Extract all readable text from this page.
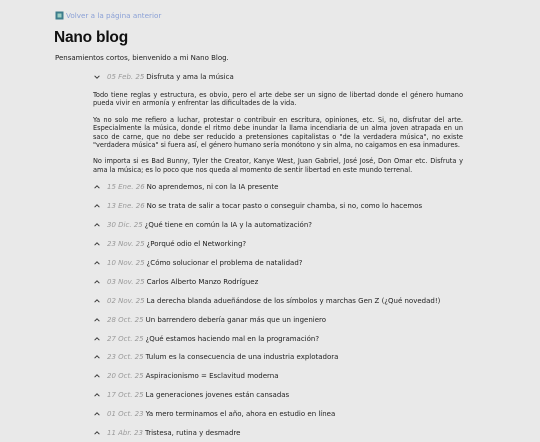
Volver a la página anterior
Nano blog

Pensamientos cortos, bienvenido a mi Nano Blog.

05 Feb. 25 Disfruta y ama la música

Todo tiene reglas y estructura, es obvio, pero el arte debe ser un signo de libertad donde el género humano pueda vivir en armonía y enfrentar las dificultades de la vida.

Ya no solo me refiero a luchar, protestar o contribuir en escritura, opiniones, etc. Si, no, disfrutar del arte. Especialmente la música, donde el ritmo debe inundar la llama incendiaria de un alma joven atrapada en un saco de carne, que no debe ser reducido a pretensiones capitalistas o "de la verdadera música", no existe "verdadera música" si fuera así, el género humano sería monótono y sin alma, no caigamos en esa inmadures.

No importa si es Bad Bunny, Tyler the Creator, Kanye West, Juan Gabriel, José José, Don Omar etc. Disfruta y ama la música; es lo poco que nos queda al momento de sentir libertad en este mundo terrenal.

15 Ene. 26 No aprendemos, ni con la IA presente
13 Ene. 26 No se trata de salir a tocar pasto o conseguir chamba, si no, como lo hacemos
30 Dic. 25 ¿Qué tiene en común la IA y la automatización?
23 Nov. 25 ¿Porqué odio el Networking?
10 Nov. 25 ¿Cómo solucionar el problema de natalidad?
03 Nov. 25 Carlos Alberto Manzo Rodríguez
02 Nov. 25 La derecha blanda adueñándose de los símbolos y marchas Gen Z (¿Qué novedad!)
28 Oct. 25 Un barrendero debería ganar más que un ingeniero
27 Oct. 25 ¿Qué estamos haciendo mal en la programación?
23 Oct. 25 Tulum es la consecuencia de una industria explotadora
20 Oct. 25 Aspiracionismo = Esclavitud moderna
17 Oct. 25 La generaciones jovenes están cansadas
01 Oct. 23 Ya mero terminamos el año, ahora en estudio en línea
11 Abr. 23 Tristesa, rutina y desmadre
